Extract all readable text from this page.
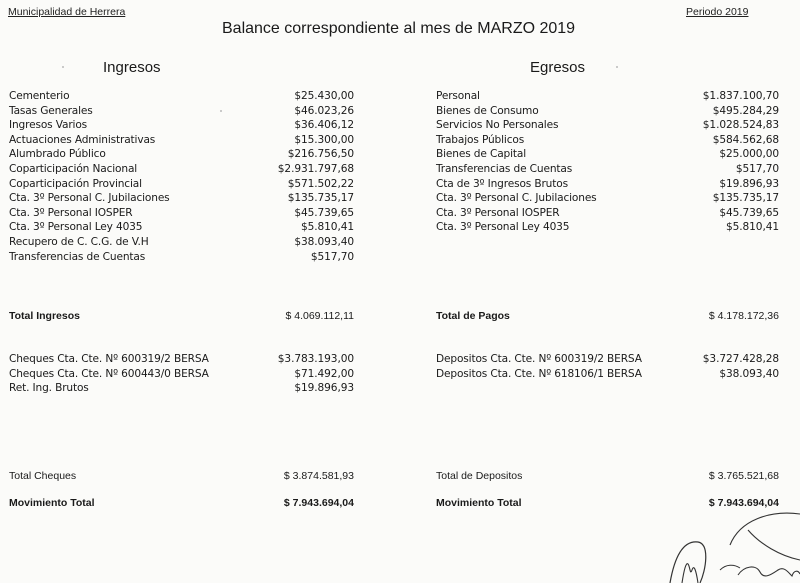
Municipalidad de Herrera	Periodo 2019
Balance correspondiente al mes de MARZO 2019
Ingresos	Egresos
Cementerio	$25.430,00
Tasas Generales	$46.023,26
Ingresos Varios	$36.406,12
Actuaciones Administrativas	$15.300,00
Alumbrado Público	$216.756,50
Coparticipación Nacional	$2.931.797,68
Coparticipación Provincial	$571.502,22
Cta. 3º Personal C. Jubilaciones	$135.735,17
Cta. 3º Personal IOSPER	$45.739,65
Cta. 3º Personal Ley 4035	$5.810,41
Recupero de C. C.G. de V.H	$38.093,40
Transferencias de Cuentas	$517,70
Personal	$1.837.100,70
Bienes de Consumo	$495.284,29
Servicios No Personales	$1.028.524,83
Trabajos Públicos	$584.562,68
Bienes de Capital	$25.000,00
Transferencias de Cuentas	$517,70
Cta de 3º Ingresos Brutos	$19.896,93
Cta. 3º Personal C. Jubilaciones	$135.735,17
Cta. 3º Personal IOSPER	$45.739,65
Cta. 3º Personal Ley 4035	$5.810,41
Total Ingresos	$ 4.069.112,11	Total de Pagos	$ 4.178.172,36
Cheques Cta. Cte. Nº 600319/2 BERSA	$3.783.193,00
Cheques Cta. Cte. Nº 600443/0 BERSA	$71.492,00
Ret. Ing. Brutos	$19.896,93
Depositos Cta. Cte. Nº 600319/2 BERSA	$3.727.428,28
Depositos Cta. Cte. Nº 618106/1 BERSA	$38.093,40
Total Cheques	$ 3.874.581,93	Total de Depositos	$ 3.765.521,68
Movimiento Total	$ 7.943.694,04	Movimiento Total	$ 7.943.694,04
